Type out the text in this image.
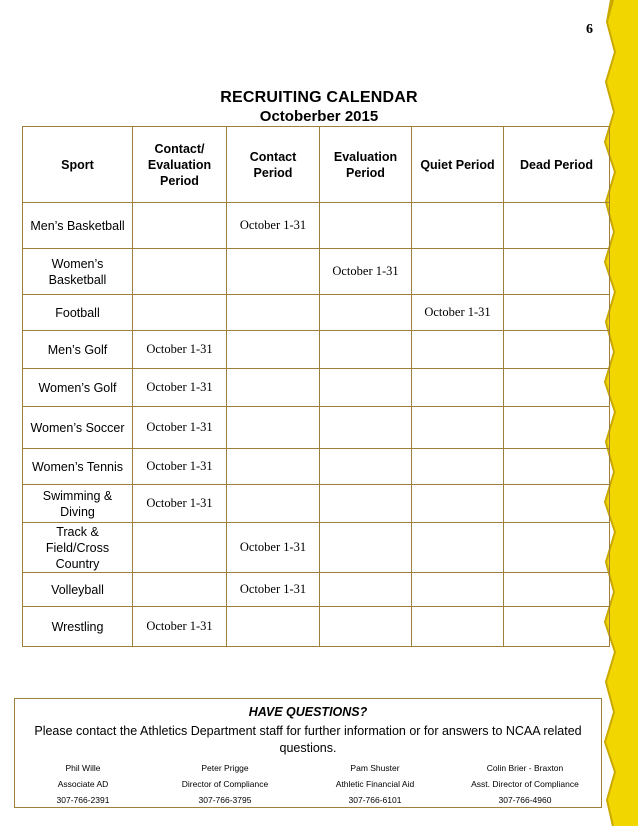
6
RECRUITING CALENDAR
Octoberber 2015
Sport	Contact/ Evaluation Period	Contact Period	Evaluation Period	Quiet Period	Dead Period
Men’s Basketball		October 1-31			
Women’s Basketball			October 1-31		
Football				October 1-31	
Men’s Golf	October 1-31				
Women’s Golf	October 1-31				
Women’s Soccer	October 1-31				
Women’s Tennis	October 1-31				
Swimming & Diving	October 1-31				
Track & Field/Cross Country		October 1-31			
Volleyball		October 1-31			
Wrestling	October 1-31				
HAVE QUESTIONS?
Please contact the Athletics Department staff for further information or for answers to NCAA related questions.
Phil Wille
Associate AD
307-766-2391
Peter Prigge
Director of Compliance
307-766-3795
Pam Shuster
Athletic Financial Aid
307-766-6101
Colin Brier - Braxton
Asst. Director of Compliance
307-766-4960
